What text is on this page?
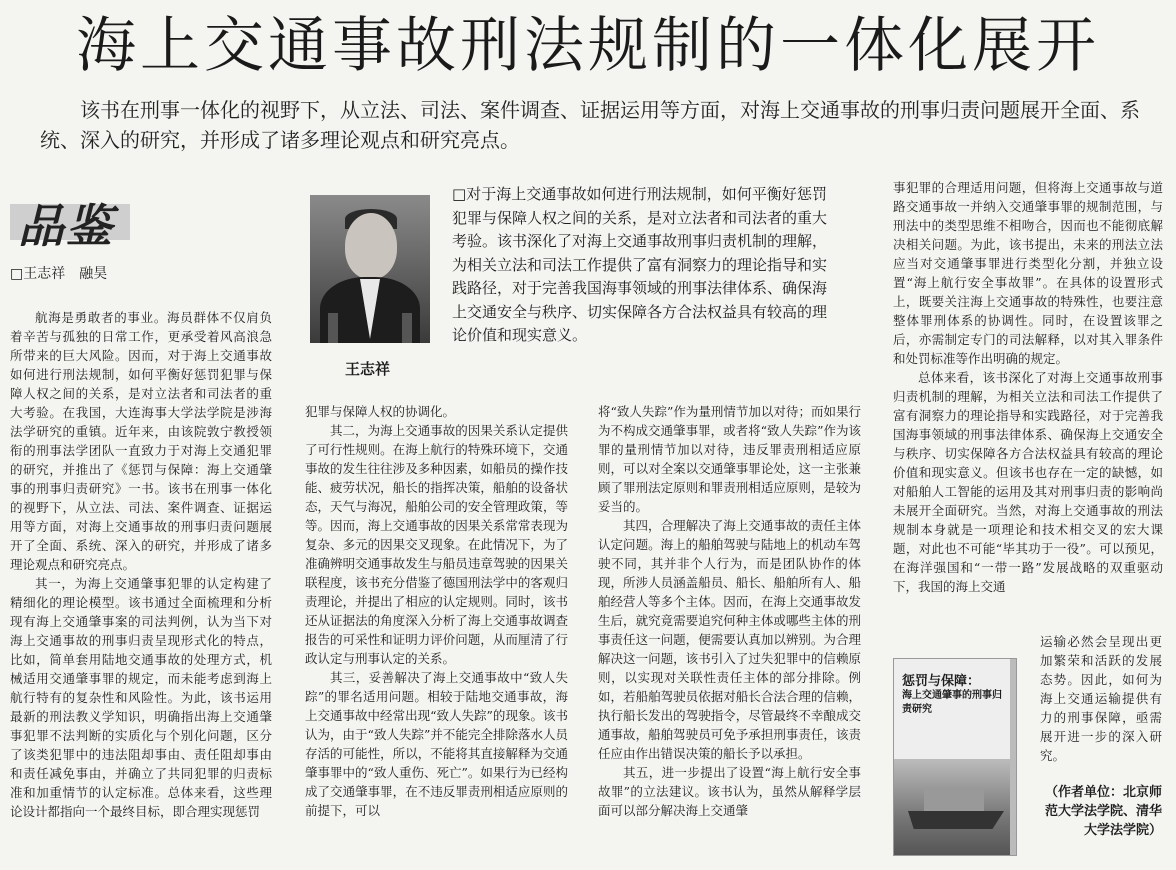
海上交通事故刑法规制的一体化展开

该书在刑事一体化的视野下，从立法、司法、案件调查、证据运用等方面，对海上交通事故的刑事归责问题展开全面、系统、深入的研究，并形成了诸多理论观点和研究亮点。

品鉴
□王志祥　融昊

航海是勇敢者的事业。海员群体不仅肩负着辛苦与孤独的日常工作，更承受着风高浪急所带来的巨大风险。因而，对于海上交通事故如何进行刑法规制，如何平衡好惩罚犯罪与保障人权之间的关系，是对立法者和司法者的重大考验。在我国，大连海事大学法学院是涉海法学研究的重镇。近年来，由该院敦宁教授领衔的刑事法学团队一直致力于对海上交通犯罪的研究，并推出了《惩罚与保障：海上交通肇事的刑事归责研究》一书。该书在刑事一体化的视野下，从立法、司法、案件调查、证据运用等方面，对海上交通事故的刑事归责问题展开了全面、系统、深入的研究，并形成了诸多理论观点和研究亮点。

其一，为海上交通肇事犯罪的认定构建了精细化的理论模型。该书通过全面梳理和分析现有海上交通肇事案的司法判例，认为当下对海上交通事故的刑事归责呈现形式化的特点，比如，简单套用陆地交通事故的处理方式，机械适用交通肇事罪的规定，而未能考虑到海上航行特有的复杂性和风险性。为此，该书运用最新的刑法教义学知识，明确指出海上交通肇事犯罪不法判断的实质化与个别化问题，区分了该类犯罪中的违法阻却事由、责任阻却事由和责任减免事由，并确立了共同犯罪的归责标准和加重情节的认定标准。总体来看，这些理论设计都指向一个最终目标，即合理实现惩罚

王志祥

□对于海上交通事故如何进行刑法规制，如何平衡好惩罚犯罪与保障人权之间的关系，是对立法者和司法者的重大考验。该书深化了对海上交通事故刑事归责机制的理解，为相关立法和司法工作提供了富有洞察力的理论指导和实践路径，对于完善我国海事领域的刑事法律体系、确保海上交通安全与秩序、切实保障各方合法权益具有较高的理论价值和现实意义。

犯罪与保障人权的协调化。

其二，为海上交通事故的因果关系认定提供了可行性规则。在海上航行的特殊环境下，交通事故的发生往往涉及多种因素，如船员的操作技能、疲劳状况，船长的指挥决策，船舶的设备状态，天气与海况，船舶公司的安全管理政策，等等。因而，海上交通事故的因果关系常常表现为复杂、多元的因果交叉现象。在此情况下，为了准确辨明交通事故发生与船员违章驾驶的因果关联程度，该书充分借鉴了德国刑法学中的客观归责理论，并提出了相应的认定规则。同时，该书还从证据法的角度深入分析了海上交通事故调查报告的可采性和证明力评价问题，从而厘清了行政认定与刑事认定的关系。

其三，妥善解决了海上交通事故中“致人失踪”的罪名适用问题。相较于陆地交通事故，海上交通事故中经常出现“致人失踪”的现象。该书认为，由于“致人失踪”并不能完全排除落水人员存活的可能性，所以，不能将其直接解释为交通肇事罪中的“致人重伤、死亡”。如果行为已经构成了交通肇事罪，在不违反罪责刑相适应原则的前提下，可以

将“致人失踪”作为量刑情节加以对待；而如果行为不构成交通肇事罪，或者将“致人失踪”作为该罪的量刑情节加以对待，违反罪责刑相适应原则，可以对全案以交通肇事罪论处，这一主张兼顾了罪刑法定原则和罪责刑相适应原则，是较为妥当的。

其四，合理解决了海上交通事故的责任主体认定问题。海上的船舶驾驶与陆地上的机动车驾驶不同，其并非个人行为，而是团队协作的体现，所涉人员涵盖船员、船长、船舶所有人、船舶经营人等多个主体。因而，在海上交通事故发生后，就究竟需要追究何种主体或哪些主体的刑事责任这一问题，便需要认真加以辨别。为合理解决这一问题，该书引入了过失犯罪中的信赖原则，以实现对关联性责任主体的部分排除。例如，若船舶驾驶员依据对船长合法合理的信赖，执行船长发出的驾驶指令，尽管最终不幸酿成交通事故，船舶驾驶员可免予承担刑事责任，该责任应由作出错误决策的船长予以承担。

其五，进一步提出了设置“海上航行安全事故罪”的立法建议。该书认为，虽然从解释学层面可以部分解决海上交通肇

事犯罪的合理适用问题，但将海上交通事故与道路交通事故一并纳入交通肇事罪的规制范围，与刑法中的类型思维不相吻合，因而也不能彻底解决相关问题。为此，该书提出，未来的刑法立法应当对交通肇事罪进行类型化分割，并独立设置“海上航行安全事故罪”。在具体的设置形式上，既要关注海上交通事故的特殊性，也要注意整体罪刑体系的协调性。同时，在设置该罪之后，亦需制定专门的司法解释，以对其入罪条件和处罚标准等作出明确的规定。

总体来看，该书深化了对海上交通事故刑事归责机制的理解，为相关立法和司法工作提供了富有洞察力的理论指导和实践路径，对于完善我国海事领域的刑事法律体系、确保海上交通安全与秩序、切实保障各方合法权益具有较高的理论价值和现实意义。但该书也存在一定的缺憾，如对船舶人工智能的运用及其对刑事归责的影响尚未展开全面研究。当然，对海上交通事故的刑法规制本身就是一项理论和技术相交叉的宏大课题，对此也不可能“毕其功于一役”。可以预见，在海洋强国和“一带一路”发展战略的双重驱动下，我国的海上交通

运输必然会呈现出更加繁荣和活跃的发展态势。因此，如何为海上交通运输提供有力的刑事保障，亟需展开进一步的深入研究。

惩罚与保障：
海上交通肇事的刑事归责研究

（作者单位：北京师范大学法学院、清华大学法学院）
